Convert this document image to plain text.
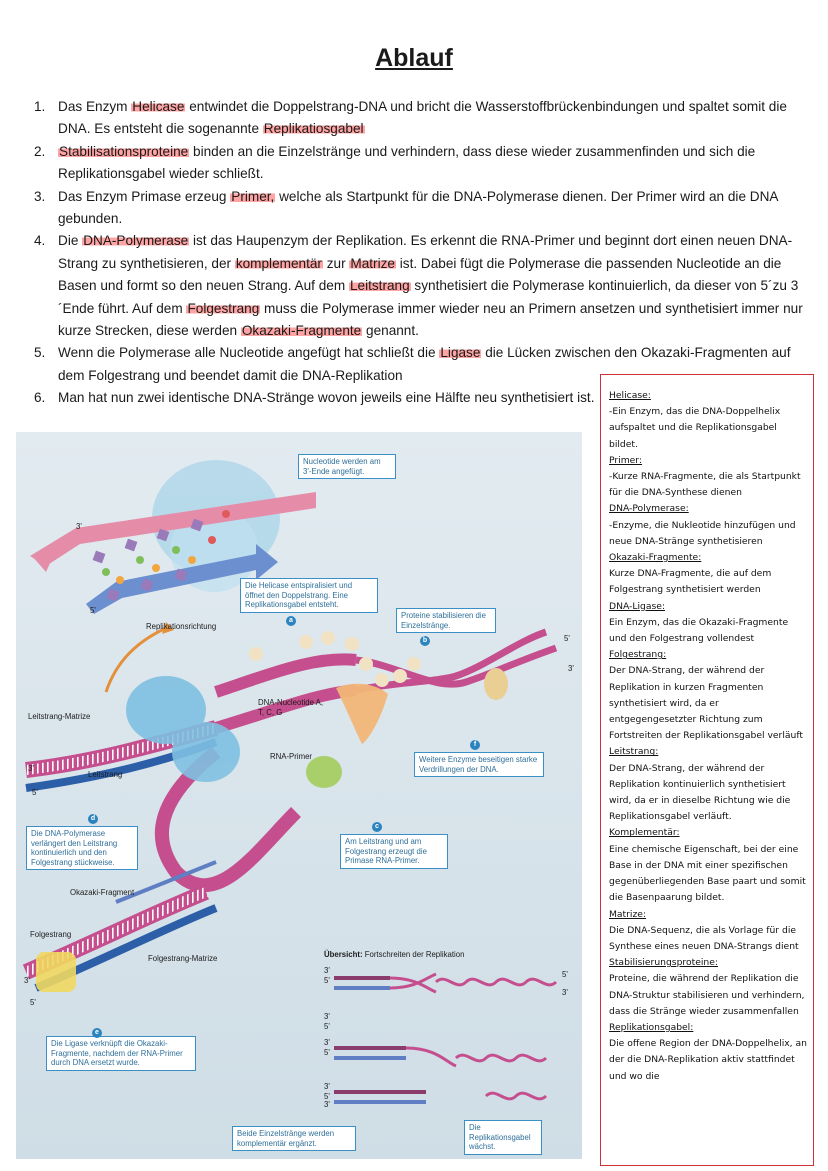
Ablauf
1. Das Enzym Helicase entwindet die Doppelstrang-DNA und bricht die Wasserstoffbrückenbindungen und spaltet somit die DNA. Es entsteht die sogenannte Replikatiosgabel
2. Stabilisationsproteine binden an die Einzelstränge und verhindern, dass diese wieder zusammenfinden und sich die Replikationsgabel wieder schließt.
3. Das Enzym Primase erzeug Primer, welche als Startpunkt für die DNA-Polymerase dienen. Der Primer wird an die DNA gebunden.
4. Die DNA-Polymerase ist das Haupenzym der Replikation. Es erkennt die RNA-Primer und beginnt dort einen neuen DNA-Strang zu synthetisieren, der komplementär zur Matrize ist. Dabei fügt die Polymerase die passenden Nucleotide an die Basen und formt so den neuen Strang. Auf dem Leitstrang synthetisiert die Polymerase kontinuierlich, da dieser von 5´zu 3´Ende führt. Auf dem Folgestrang muss die Polymerase immer wieder neu an Primern ansetzen und synthetisiert immer nur kurze Strecken, diese werden Okazaki-Fragmente genannt.
5. Wenn die Polymerase alle Nucleotide angefügt hat schließt die Ligase die Lücken zwischen den Okazaki-Fragmenten auf dem Folgestrang und beendet damit die DNA-Replikation
6. Man hat nun zwei identische DNA-Stränge wovon jeweils eine Hälfte neu synthetisiert ist.	Helicase:
-Ein Enzym, das die DNA-Doppelhelix aufspaltet und die Replikationsgabel bildet.
Primer:
-Kurze RNA-Fragmente, die als Startpunkt für die DNA-Synthese dienen
DNA-Polymerase:
-Enzyme, die Nukleotide hinzufügen und neue DNA-Stränge synthetisieren
Okazaki-Fragmente:
Kurze DNA-Fragmente, die auf dem Folgestrang synthetisiert werden
DNA-Ligase:
Ein Enzym, das die Okazaki-Fragmente und den Folgestrang vollendest
Folgestrang:
Der DNA-Strang, der während der Replikation in kurzen Fragmenten synthetisiert wird, da er entgegengesetzter Richtung zum Fortstreiten der Replikationsgabel verläuft
Leitstrang:
Der DNA-Strang, der während der Replikation kontinuierlich synthetisiert wird, da er in dieselbe Richtung wie die Replikationsgabel verläuft.
Komplementär:
Eine chemische Eigenschaft, bei der eine Base in der DNA mit einer spezifischen gegenüberliegenden Base paart und somit die Basenpaarung bildet.
Matrize:
Die DNA-Sequenz, die als Vorlage für die Synthese eines neuen DNA-Strangs dient
Stabilisierungsproteine:
Proteine, die während der Replikation die DNA-Struktur stabilisieren und verhindern, dass die Stränge wieder zusammenfallen
Replikationsgabel:
Die offene Region der DNA-Doppelhelix, an der die DNA-Replikation aktiv stattfindet und wo die
Nucleotide werden am 3'-Ende angefügt.
Die Helicase entspiralisiert und öffnet den Doppelstrang. Eine Replikationsgabel entsteht.
a
Proteine stabilisieren die Einzelstränge.
b
Weitere Enzyme beseitigen starke Verdrillungen der DNA.
f
Am Leitstrang und am Folgestrang erzeugt die Primase RNA-Primer.
c
Die DNA-Polymerase verlängert den Leitstrang kontinuierlich und den Folgestrang stückweise.
d
Die Ligase verknüpft die Okazaki-Fragmente, nachdem der RNA-Primer durch DNA ersetzt wurde.
e
Beide Einzelstränge werden komplementär ergänzt.
Die Replikationsgabel wächst.
Replikationsrichtung
DNA-Nucleotide A, T, C, G
Leitstrang-Matrize
Leitstrang
RNA-Primer
Okazaki-Fragment
Folgestrang
Folgestrang-Matrize
3'
5'
5'
3'
3'
5'
3'
5'
Übersicht: Fortschreiten der Replikation
3'
5'
5'
3'
3'
5'
3'
5'
3'
5'
3'
